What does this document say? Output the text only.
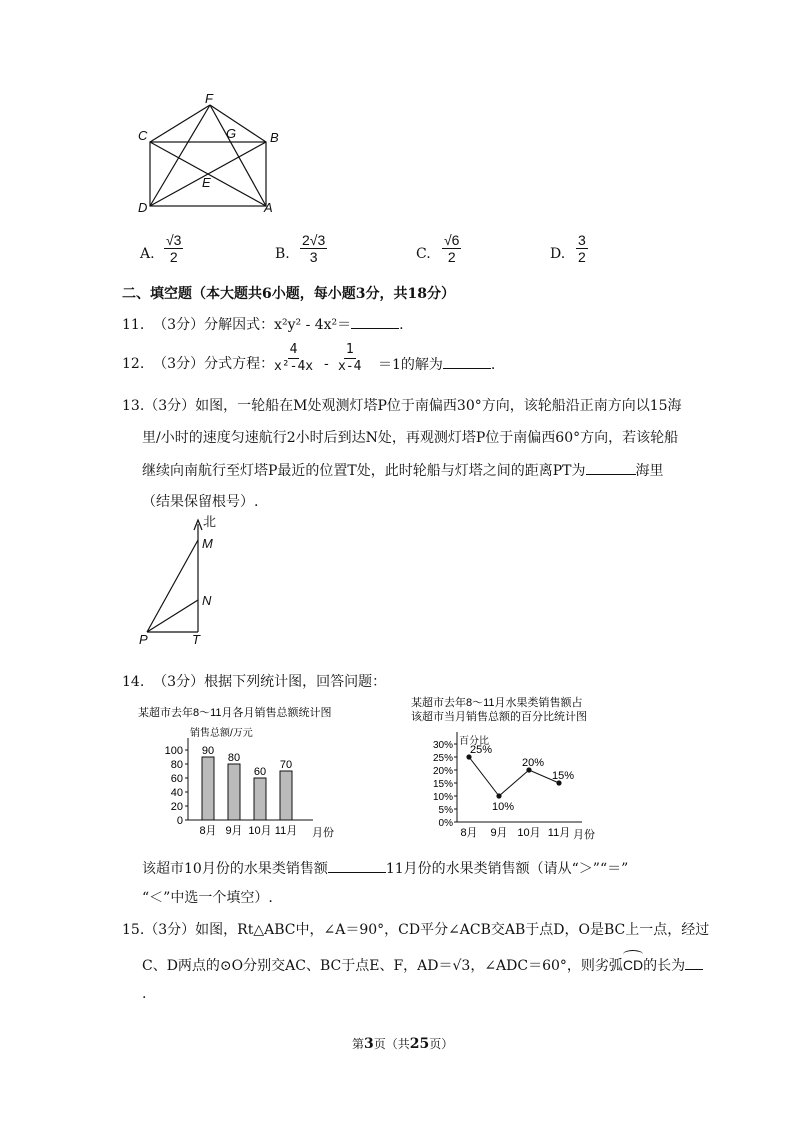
F
C	G	B
E
D	A
A. $\frac{√3}{2}$	B. $\frac{2√3}{3}$	C. $\frac{√6}{2}$	D. $\frac{3}{2}$
二、填空题（本大题共6小题，每小题3分，共18分）
11. （3分）分解因式：x²y² - 4x²＝	.
12. （3分）分式方程：
$\frac{4}{\text{x²-4x}} - \frac{1}{x-4} =1$的解为	.
13.（3分）如图，一轮船在M处观测灯塔P位于南偏西30°方向，该轮船沿正南方向以15海
里/小时的速度匀速航行2小时后到达N处，再观测灯塔P位于南偏西60°方向，若该轮船
继续向南航行至灯塔P最近的位置T处，此时轮船与灯塔之间的距离PT为	海里
（结果保留根号）.
北
M
N
P	T
14. （3分）根据下列统计图，回答问题：
某超市去年8～11月各月销售总额统计图
销售总额/万元
月份
0
20
40
60
80
100 90
8月
80
9月
60
10月
70
11月
某超市去年8～11月水果类销售额占
该超市当月销售总额的百分比统计图
百分比
月份
0%
5%
10%
15%
20%
25%
30%
8月 9月 10月 11月
25%
10%
20%
15%
该超市10月份的水果类销售额	11月份的水果类销售额（请从“＞”“＝”
“＜”中选一个填空）.
15.（3分）如图，Rt△ABC中，∠A＝90°，CD平分∠ACB交AB于点D，O是BC上一点，经过
C、D两点的⊙O分别交AC、BC于点E、F，AD＝√3，∠ADC＝60°，则劣弧
CD的长为
.
第3页（共25页）
